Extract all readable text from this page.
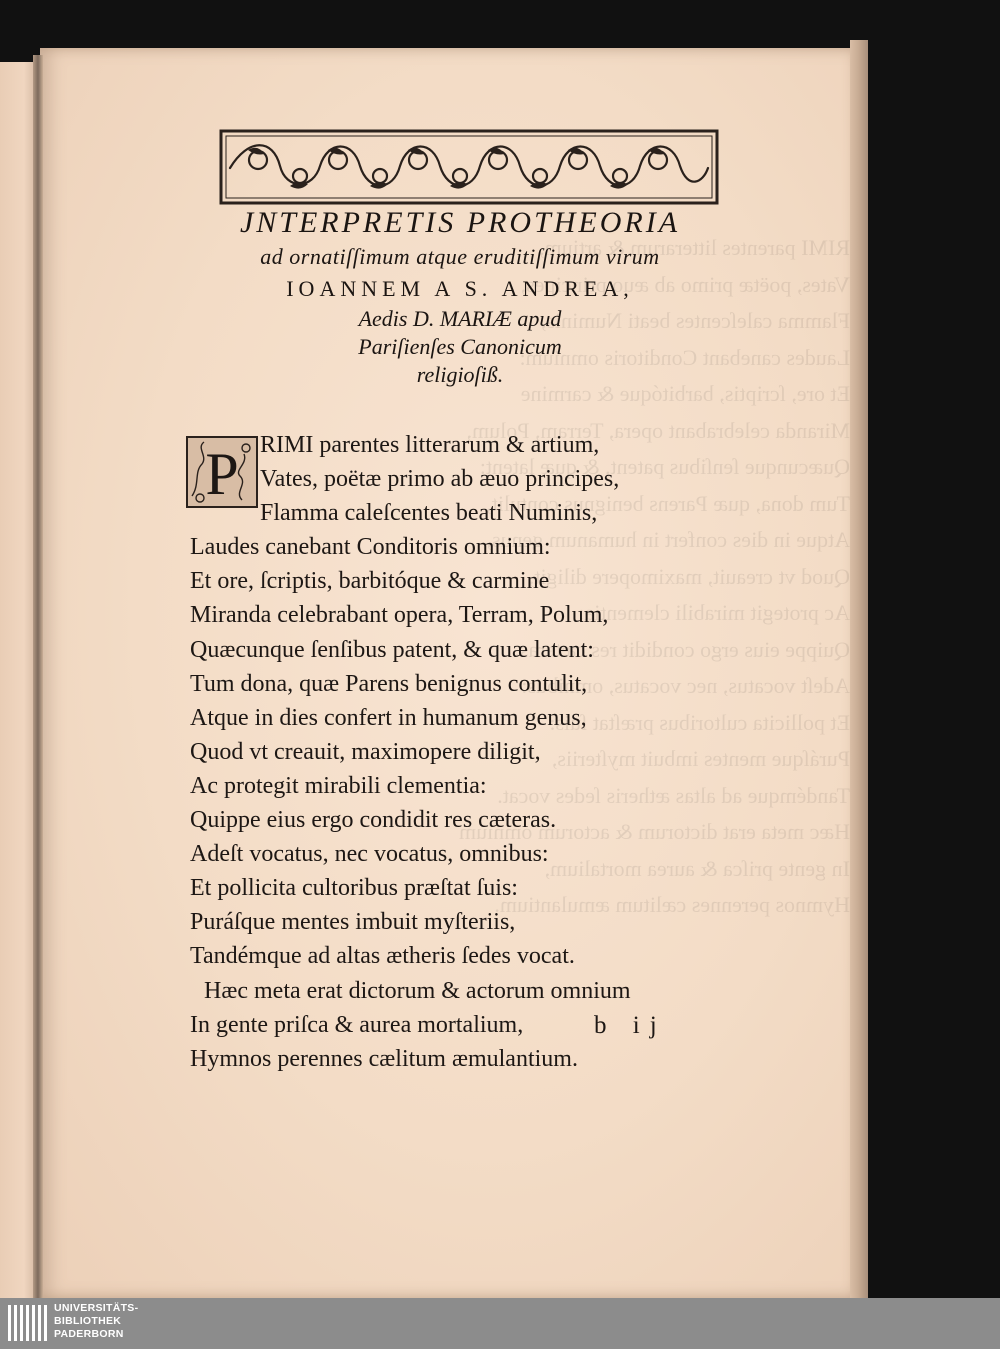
RIMI parentes litterarum & artium,
Vates, poëtæ primo ab æuo principes,
Flamma caleſcentes beati Numinis,
Laudes canebant Conditoris omnium:
Et ore, ſcriptis, barbitóque & carmine
Miranda celebrabant opera, Terram, Polum,
Quæcunque ſenſibus patent, & quæ latent:
Tum dona, quæ Parens benignus contulit,
Atque in dies confert in humanum genus,
Quod vt creauit, maximopere diligit,
Ac protegit mirabili clementia:
Quippe eius ergo condidit res cæteras.
Adeſt vocatus, nec vocatus, omnibus:
Et pollicita cultoribus præſtat ſuis:
Puráſque mentes imbuit myſteriis,
Tandémque ad altas ætheris ſedes vocat.
Hæc meta erat dictorum & actorum omnium
In gente priſca & aurea mortalium,
Hymnos perennes cælitum æmulantium.
JNTERPRETIS PROTHEORIA
ad ornatiſſimum atque eruditiſſimum virum
IOANNEM A S. ANDREA,
Aedis D. MARIÆ apud
Pariſienſes Canonicum
religioſiß.
P RIMI parentes litterarum & artium,
Vates, poëtæ primo ab æuo principes,
Flamma caleſcentes beati Numinis,
Laudes canebant Conditoris omnium:
Et ore, ſcriptis, barbitóque & carmine
Miranda celebrabant opera, Terram, Polum,
Quæcunque ſenſibus patent, & quæ latent:
Tum dona, quæ Parens benignus contulit,
Atque in dies confert in humanum genus,
Quod vt creauit, maximopere diligit,
Ac protegit mirabili clementia:
Quippe eius ergo condidit res cæteras.
Adeſt vocatus, nec vocatus, omnibus:
Et pollicita cultoribus præſtat ſuis:
Puráſque mentes imbuit myſteriis,
Tandémque ad altas ætheris ſedes vocat.
Hæc meta erat dictorum & actorum omnium
In gente priſca & aurea mortalium,
Hymnos perennes cælitum æmulantium.
b ij
UNIVERSITÄTS-
BIBLIOTHEK
PADERBORN
